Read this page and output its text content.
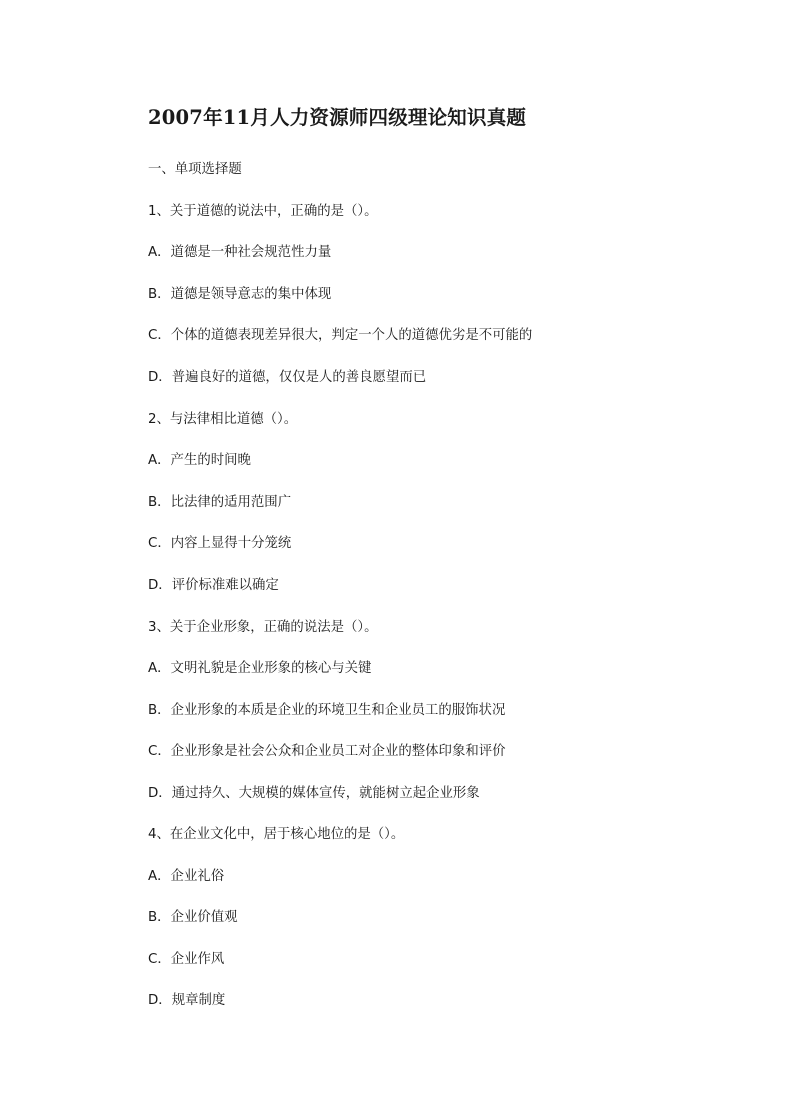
2007年11月人力资源师四级理论知识真题
一、单项选择题
1、关于道德的说法中，正确的是（）。
A．道德是一种社会规范性力量
B．道德是领导意志的集中体现
C．个体的道德表现差异很大，判定一个人的道德优劣是不可能的
D．普遍良好的道德，仅仅是人的善良愿望而已
2、与法律相比道德（）。
A．产生的时间晚
B．比法律的适用范围广
C．内容上显得十分笼统
D．评价标准难以确定
3、关于企业形象，正确的说法是（）。
A．文明礼貌是企业形象的核心与关键
B．企业形象的本质是企业的环境卫生和企业员工的服饰状况
C．企业形象是社会公众和企业员工对企业的整体印象和评价
D．通过持久、大规模的媒体宣传，就能树立起企业形象
4、在企业文化中，居于核心地位的是（）。
A．企业礼俗
B．企业价值观
C．企业作风
D．规章制度
